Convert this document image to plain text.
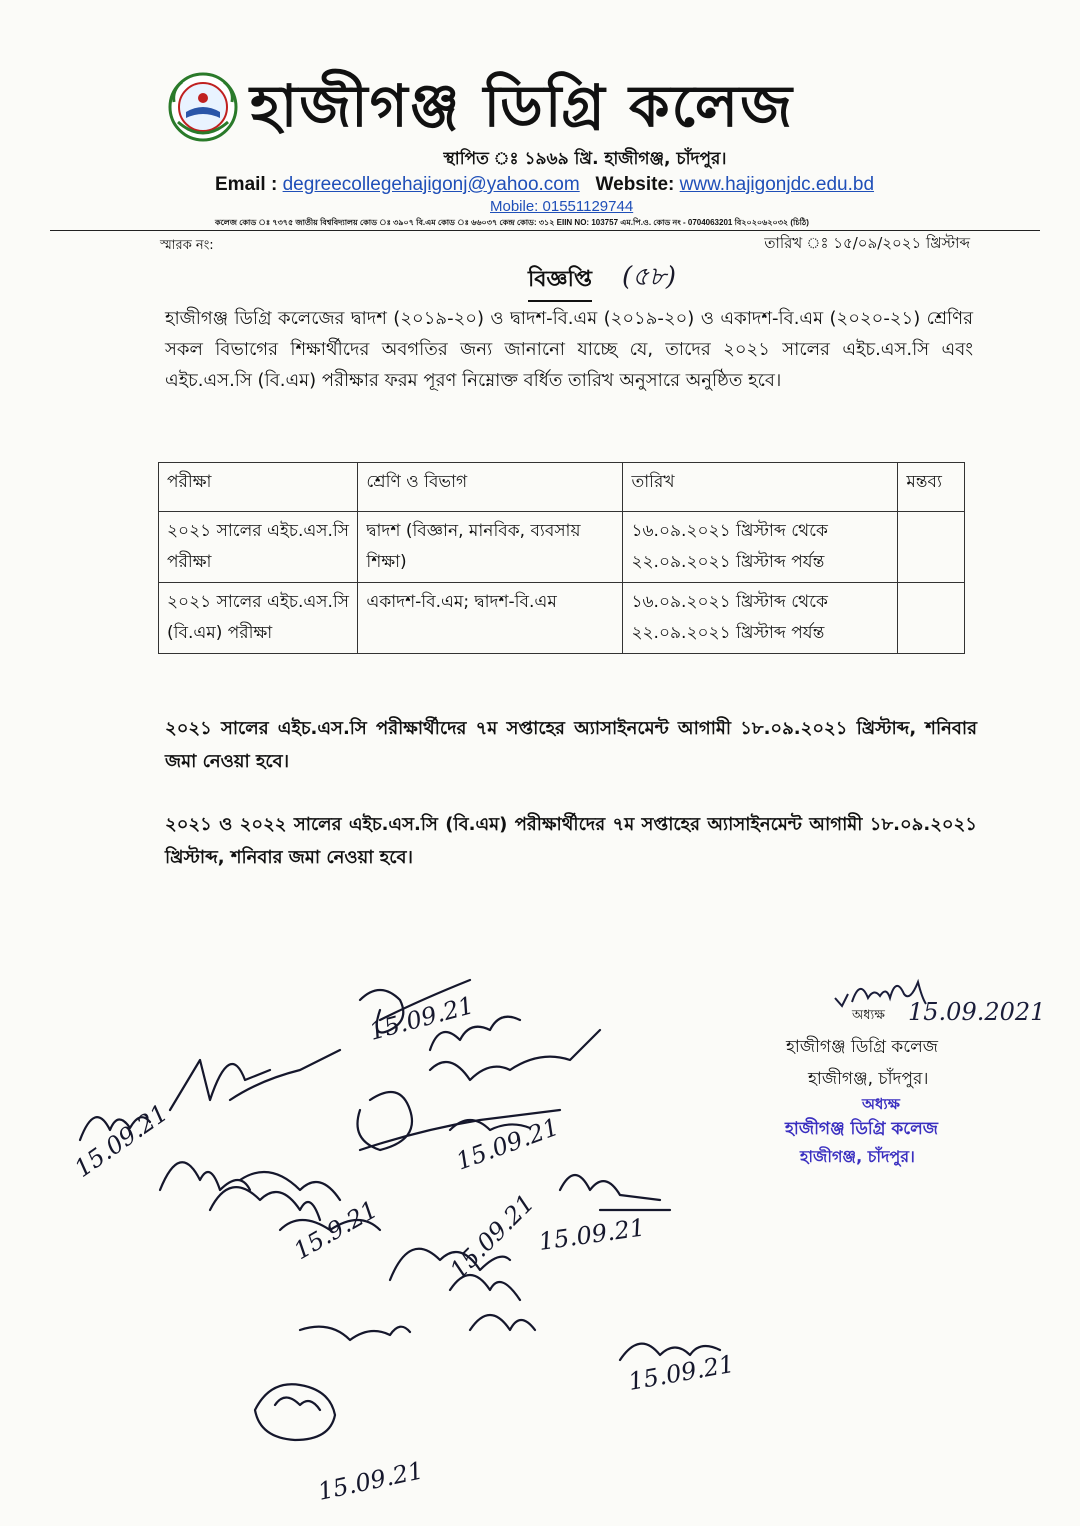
হাজীগঞ্জ ডিগ্রি কলেজ
স্থাপিত ঃ ১৯৬৯ খ্রি. হাজীগঞ্জ, চাঁদপুর।
Email : degreecollegehajigonj@yahoo.com Website: www.hajigonjdc.edu.bd
Mobile: 01551129744
কলেজ কোড ঃ ৭৩৭৫ জাতীয় বিশ্ববিদ্যালয় কোড ঃ ৩৯০৭ বি.এম কোড ঃ ৬৬০৩৭ কেন্দ্র কোড: ৩১২ EIIN NO: 103757 এম.পি.ও. কোড নং - 0704063201 বি২০২০৬২০৩২ (চিঠি)
স্মারক নং:	তারিখ ঃ ১৫/০৯/২০২১ খ্রিস্টাব্দ
বিজ্ঞপ্তি (৫৮)
হাজীগঞ্জ ডিগ্রি কলেজের দ্বাদশ (২০১৯-২০) ও দ্বাদশ-বি.এম (২০১৯-২০) ও একাদশ-বি.এম (২০২০-২১) শ্রেণির সকল বিভাগের শিক্ষার্থীদের অবগতির জন্য জানানো যাচ্ছে যে, তাদের ২০২১ সালের এইচ.এস.সি এবং এইচ.এস.সি (বি.এম) পরীক্ষার ফরম পূরণ নিম্নোক্ত বর্ধিত তারিখ অনুসারে অনুষ্ঠিত হবে।
পরীক্ষা	শ্রেণি ও বিভাগ	তারিখ	মন্তব্য
২০২১ সালের এইচ.এস.সি পরীক্ষা	দ্বাদশ (বিজ্ঞান, মানবিক, ব্যবসায় শিক্ষা)	১৬.০৯.২০২১ খ্রিস্টাব্দ থেকে ২২.০৯.২০২১ খ্রিস্টাব্দ পর্যন্ত	
২০২১ সালের এইচ.এস.সি (বি.এম) পরীক্ষা	একাদশ-বি.এম; দ্বাদশ-বি.এম	১৬.০৯.২০২১ খ্রিস্টাব্দ থেকে ২২.০৯.২০২১ খ্রিস্টাব্দ পর্যন্ত	
২০২১ সালের এইচ.এস.সি পরীক্ষার্থীদের ৭ম সপ্তাহের অ্যাসাইনমেন্ট আগামী ১৮.০৯.২০২১ খ্রিস্টাব্দ, শনিবার জমা নেওয়া হবে।
২০২১ ও ২০২২ সালের এইচ.এস.সি (বি.এম) পরীক্ষার্থীদের ৭ম সপ্তাহের অ্যাসাইনমেন্ট আগামী ১৮.০৯.২০২১ খ্রিস্টাব্দ, শনিবার জমা নেওয়া হবে।
অধ্যক্ষ 15.09.2021
হাজীগঞ্জ ডিগ্রি কলেজ
হাজীগঞ্জ, চাঁদপুর।
অধ্যক্ষ
হাজীগঞ্জ ডিগ্রি কলেজ
হাজীগঞ্জ, চাঁদপুর।
15.09.21
15.09.21
15.9.21
15.09.21
15.09.21
15.09.21
15.09.21
15.09.21
